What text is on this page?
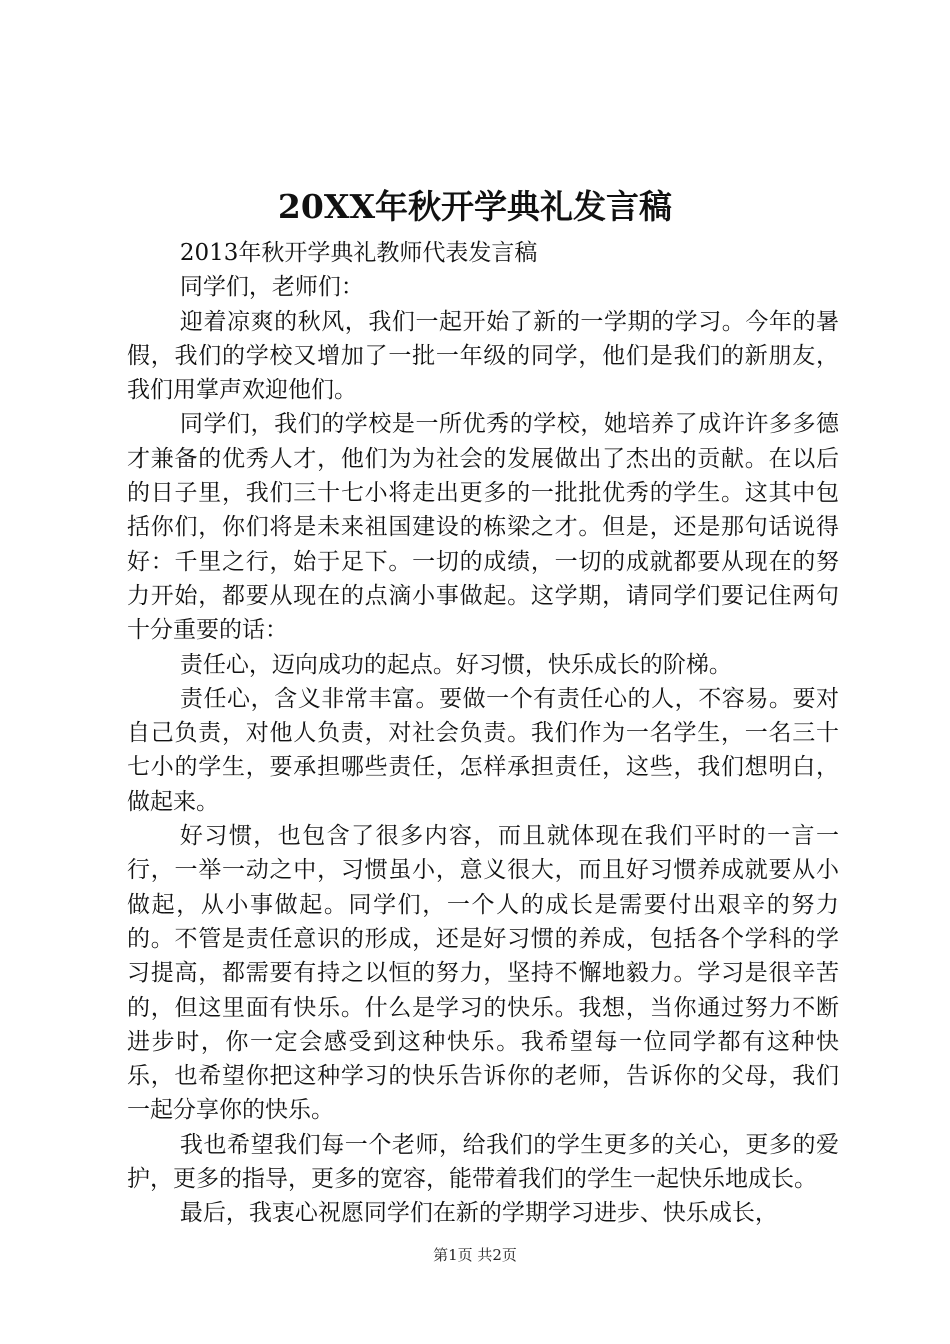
20XX年秋开学典礼发言稿

2013年秋开学典礼教师代表发言稿

同学们，老师们：

迎着凉爽的秋风，我们一起开始了新的一学期的学习。今年的暑假，我们的学校又增加了一批一年级的同学，他们是我们的新朋友，我们用掌声欢迎他们。

同学们，我们的学校是一所优秀的学校，她培养了成许许多多德才兼备的优秀人才，他们为为社会的发展做出了杰出的贡献。在以后的日子里，我们三十七小将走出更多的一批批优秀的学生。这其中包括你们，你们将是未来祖国建设的栋梁之才。但是，还是那句话说得好：千里之行，始于足下。一切的成绩，一切的成就都要从现在的努力开始，都要从现在的点滴小事做起。这学期，请同学们要记住两句十分重要的话：

责任心，迈向成功的起点。好习惯，快乐成长的阶梯。

责任心，含义非常丰富。要做一个有责任心的人，不容易。要对自己负责，对他人负责，对社会负责。我们作为一名学生，一名三十七小的学生，要承担哪些责任，怎样承担责任，这些，我们想明白，做起来。

好习惯，也包含了很多内容，而且就体现在我们平时的一言一行，一举一动之中，习惯虽小，意义很大，而且好习惯养成就要从小做起，从小事做起。同学们，一个人的成长是需要付出艰辛的努力的。不管是责任意识的形成，还是好习惯的养成，包括各个学科的学习提高，都需要有持之以恒的努力，坚持不懈地毅力。学习是很辛苦的，但这里面有快乐。什么是学习的快乐。我想，当你通过努力不断进步时，你一定会感受到这种快乐。我希望每一位同学都有这种快乐，也希望你把这种学习的快乐告诉你的老师，告诉你的父母，我们一起分享你的快乐。

我也希望我们每一个老师，给我们的学生更多的关心，更多的爱护，更多的指导，更多的宽容，能带着我们的学生一起快乐地成长。

最后，我衷心祝愿同学们在新的学期学习进步、快乐成长，

第1页 共2页
